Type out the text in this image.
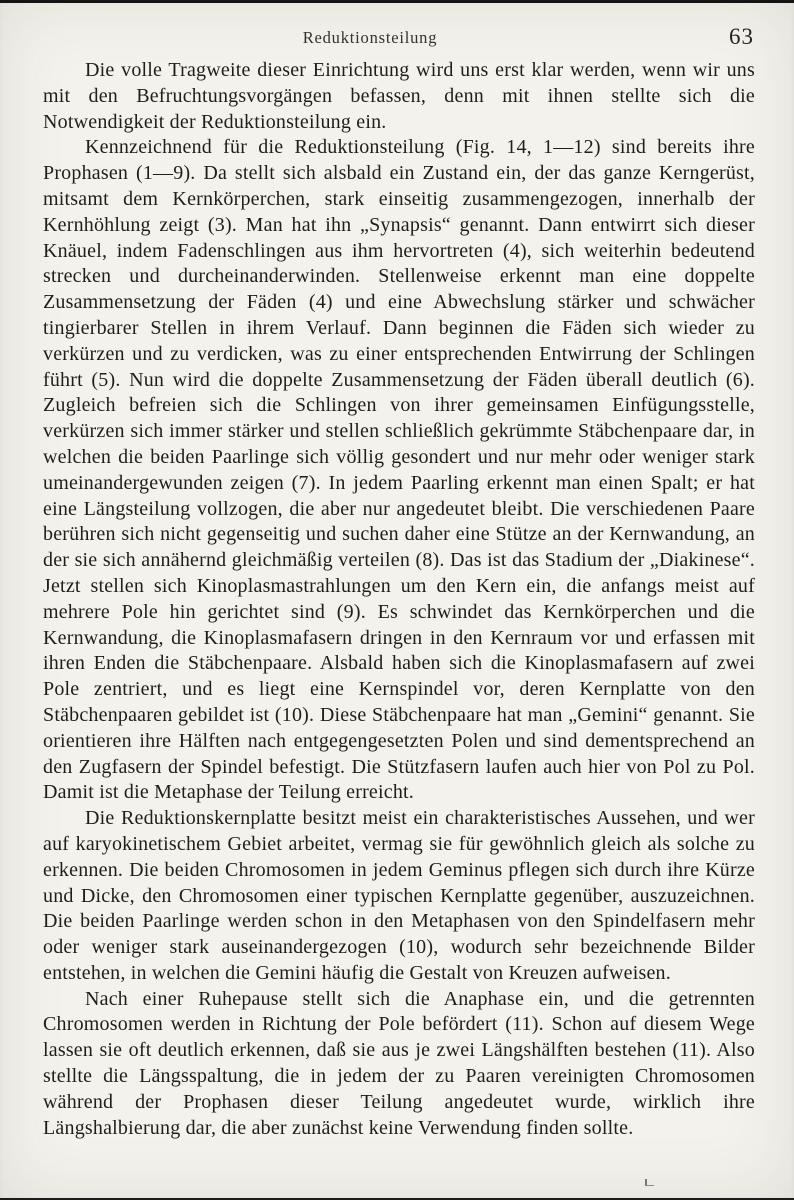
Reduktionsteilung	63

Die volle Tragweite dieser Einrichtung wird uns erst klar werden, wenn wir uns mit den Befruchtungsvorgängen befassen, denn mit ihnen stellte sich die Notwendigkeit der Reduktionsteilung ein.

Kennzeichnend für die Reduktionsteilung (Fig. 14, 1—12) sind bereits ihre Prophasen (1—9). Da stellt sich alsbald ein Zustand ein, der das ganze Kerngerüst, mitsamt dem Kernkörperchen, stark einseitig zusammengezogen, innerhalb der Kernhöhlung zeigt (3). Man hat ihn „Synapsis“ genannt. Dann entwirrt sich dieser Knäuel, indem Fadenschlingen aus ihm hervortreten (4), sich weiterhin bedeutend strecken und durcheinanderwinden. Stellenweise erkennt man eine doppelte Zusammensetzung der Fäden (4) und eine Abwechslung stärker und schwächer tingierbarer Stellen in ihrem Verlauf. Dann beginnen die Fäden sich wieder zu verkürzen und zu verdicken, was zu einer entsprechenden Entwirrung der Schlingen führt (5). Nun wird die doppelte Zusammensetzung der Fäden überall deutlich (6). Zugleich befreien sich die Schlingen von ihrer gemeinsamen Einfügungsstelle, verkürzen sich immer stärker und stellen schließlich gekrümmte Stäbchenpaare dar, in welchen die beiden Paarlinge sich völlig gesondert und nur mehr oder weniger stark umeinandergewunden zeigen (7). In jedem Paarling erkennt man einen Spalt; er hat eine Längsteilung vollzogen, die aber nur angedeutet bleibt. Die verschiedenen Paare berühren sich nicht gegenseitig und suchen daher eine Stütze an der Kernwandung, an der sie sich annähernd gleichmäßig verteilen (8). Das ist das Stadium der „Diakinese“. Jetzt stellen sich Kinoplasmastrahlungen um den Kern ein, die anfangs meist auf mehrere Pole hin gerichtet sind (9). Es schwindet das Kernkörperchen und die Kernwandung, die Kinoplasmafasern dringen in den Kernraum vor und erfassen mit ihren Enden die Stäbchenpaare. Alsbald haben sich die Kinoplasmafasern auf zwei Pole zentriert, und es liegt eine Kernspindel vor, deren Kernplatte von den Stäbchenpaaren gebildet ist (10). Diese Stäbchenpaare hat man „Gemini“ genannt. Sie orientieren ihre Hälften nach entgegengesetzten Polen und sind dementsprechend an den Zugfasern der Spindel befestigt. Die Stützfasern laufen auch hier von Pol zu Pol. Damit ist die Metaphase der Teilung erreicht.

Die Reduktionskernplatte besitzt meist ein charakteristisches Aussehen, und wer auf karyokinetischem Gebiet arbeitet, vermag sie für gewöhnlich gleich als solche zu erkennen. Die beiden Chromosomen in jedem Geminus pflegen sich durch ihre Kürze und Dicke, den Chromosomen einer typischen Kernplatte gegenüber, auszuzeichnen. Die beiden Paarlinge werden schon in den Metaphasen von den Spindelfasern mehr oder weniger stark auseinandergezogen (10), wodurch sehr bezeichnende Bilder entstehen, in welchen die Gemini häufig die Gestalt von Kreuzen aufweisen.

Nach einer Ruhepause stellt sich die Anaphase ein, und die getrennten Chromosomen werden in Richtung der Pole befördert (11). Schon auf diesem Wege lassen sie oft deutlich erkennen, daß sie aus je zwei Längshälften bestehen (11). Also stellte die Längsspaltung, die in jedem der zu Paaren vereinigten Chromosomen während der Prophasen dieser Teilung angedeutet wurde, wirklich ihre Längshalbierung dar, die aber zunächst keine Verwendung finden sollte.
